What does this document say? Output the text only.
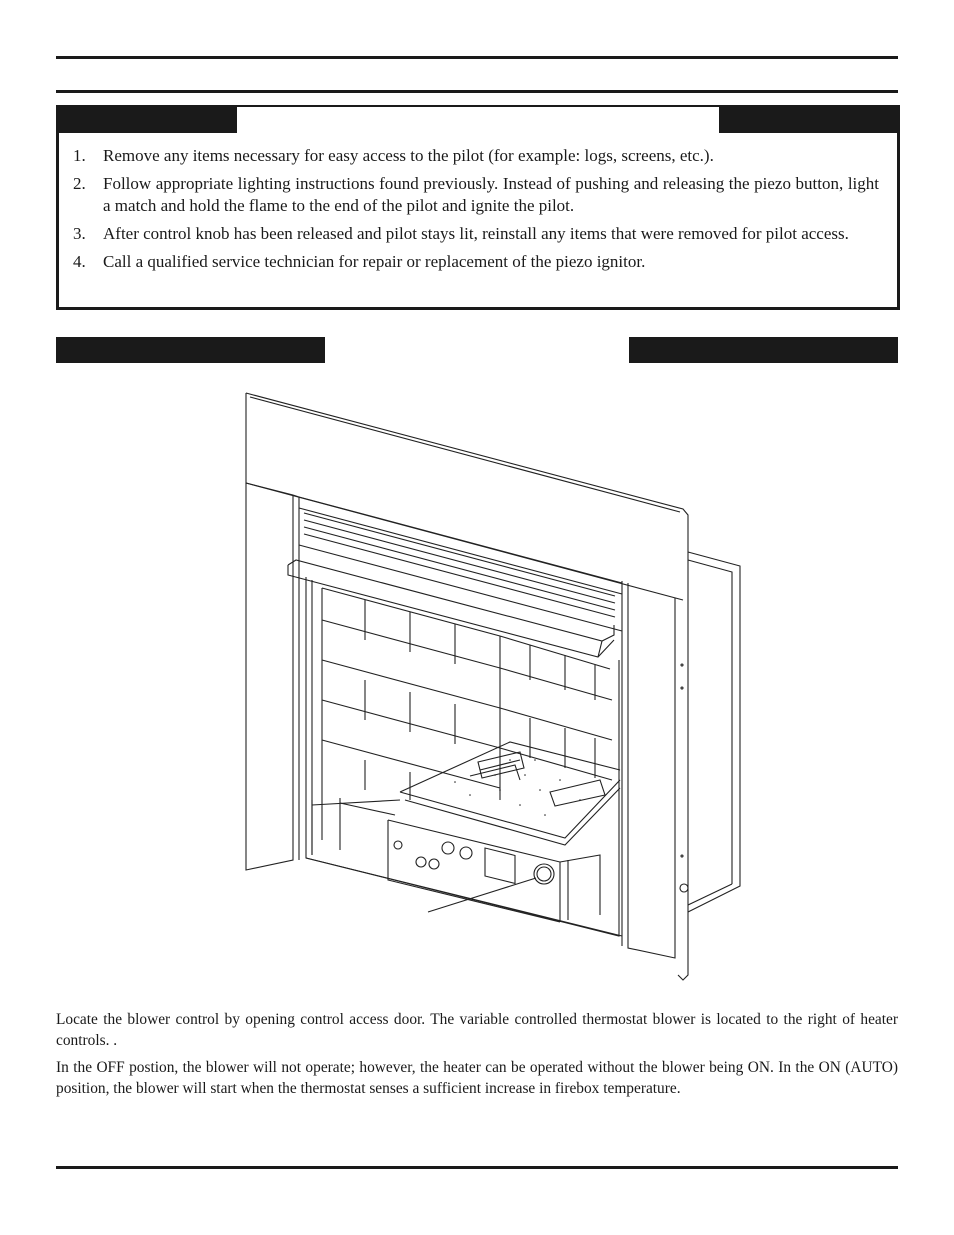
1. Remove any items necessary for easy access to the pilot (for example: logs, screens, etc.).
2. Follow appropriate lighting instructions found previously. Instead of pushing and releasing the piezo button, light a match and hold the flame to the end of the pilot and ignite the pilot.
3. After control knob has been released and pilot stays lit, reinstall any items that were removed for pilot access.
4. Call a qualified service technician for repair or replacement of the piezo ignitor.

Locate the blower control by opening control access door. The variable controlled thermostat blower is located to the right of heater controls. .

In the OFF postion, the blower will not operate; however, the heater can be operated without the blower being ON. In the ON (AUTO) position, the blower will start when the thermostat senses a sufficient increase in firebox temperature.
